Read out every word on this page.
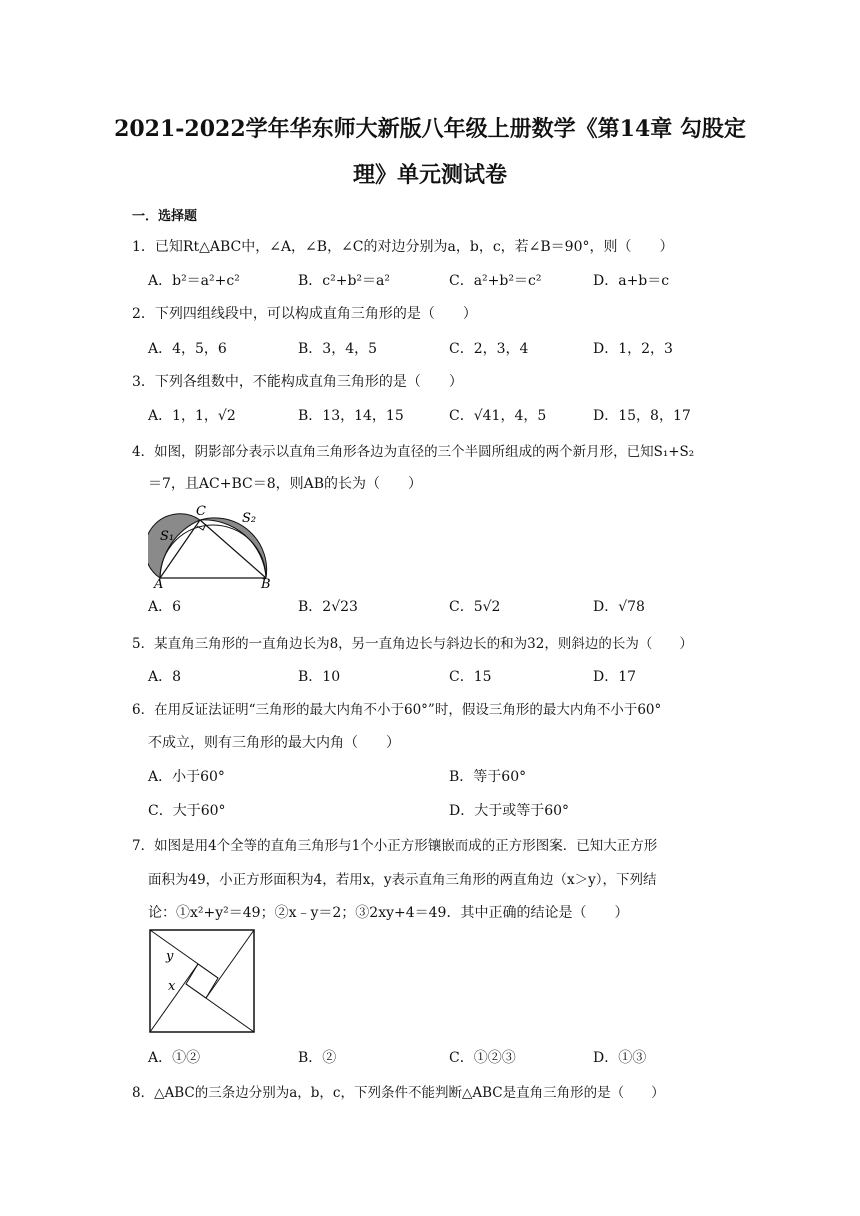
2021-2022学年华东师大新版八年级上册数学《第14章 勾股定
理》单元测试卷
一．选择题
1．已知Rt△ABC中，∠A，∠B，∠C的对边分别为a，b，c，若∠B＝90°，则（　　）
A．b²＝a²+c²	B．c²+b²＝a²	C．a²+b²＝c²	D．a+b＝c
2．下列四组线段中，可以构成直角三角形的是（　　）
A．4，5，6	B．3，4，5	C．2，3，4	D．1，2，3
3．下列各组数中，不能构成直角三角形的是（　　）
A．1，1，√2	B．13，14，15	C．√41，4，5	D．15，8，17
4．如图，阴影部分表示以直角三角形各边为直径的三个半圆所组成的两个新月形，已知S₁+S₂
＝7，且AC+BC＝8，则AB的长为（　　）
C
S₁
S₂
A	B
A．6	B．2√23	C．5√2	D．√78
5．某直角三角形的一直角边长为8，另一直角边长与斜边长的和为32，则斜边的长为（　　）
A．8	B．10	C．15	D．17
6．在用反证法证明“三角形的最大内角不小于60°”时，假设三角形的最大内角不小于60°
不成立，则有三角形的最大内角（　　）
A．小于60°	B．等于60°
C．大于60°	D．大于或等于60°
7．如图是用4个全等的直角三角形与1个小正方形镶嵌而成的正方形图案．已知大正方形
面积为49，小正方形面积为4，若用x，y表示直角三角形的两直角边（x＞y），下列结
论：①x²+y²＝49；②x﹣y＝2；③2xy+4＝49．其中正确的结论是（　　）
y
x
A．①②	B．②	C．①②③	D．①③
8．△ABC的三条边分别为a，b，c，下列条件不能判断△ABC是直角三角形的是（　　）
